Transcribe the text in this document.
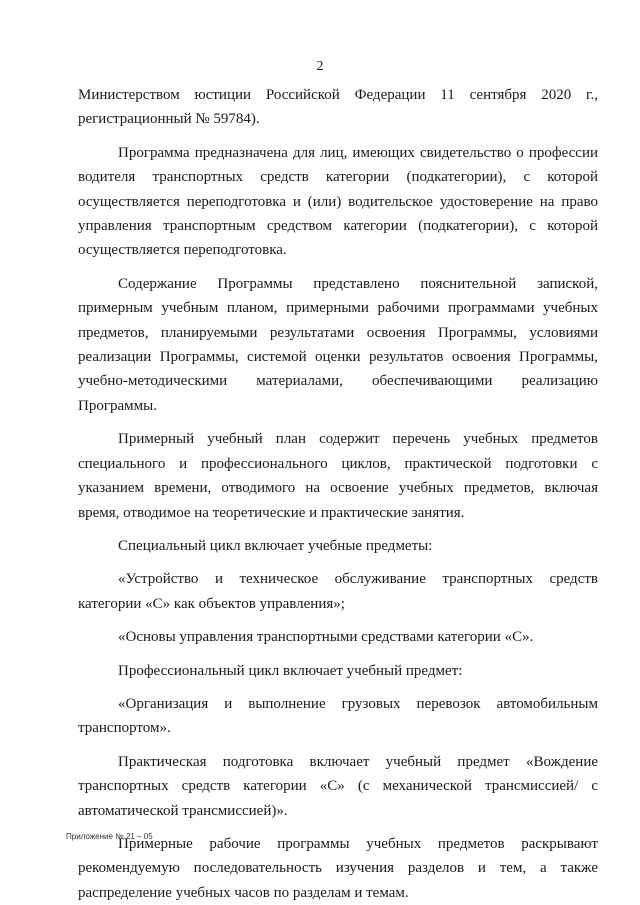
2

Министерством юстиции Российской Федерации 11 сентября 2020 г., регистрационный № 59784).

Программа предназначена для лиц, имеющих свидетельство о профессии водителя транспортных средств категории (подкатегории), с которой осуществляется переподготовка и (или) водительское удостоверение на право управления транспортным средством категории (подкатегории), с которой осуществляется переподготовка.

Содержание Программы представлено пояснительной запиской, примерным учебным планом, примерными рабочими программами учебных предметов, планируемыми результатами освоения Программы, условиями реализации Программы, системой оценки результатов освоения Программы, учебно-методическими материалами, обеспечивающими реализацию Программы.

Примерный учебный план содержит перечень учебных предметов специального и профессионального циклов, практической подготовки с указанием времени, отводимого на освоение учебных предметов, включая время, отводимое на теоретические и практические занятия.

Специальный цикл включает учебные предметы:

«Устройство и техническое обслуживание транспортных средств категории «С» как объектов управления»;

«Основы управления транспортными средствами категории «С».

Профессиональный цикл включает учебный предмет:

«Организация и выполнение грузовых перевозок автомобильным транспортом».

Практическая подготовка включает учебный предмет «Вождение транспортных средств категории «С» (с механической трансмиссией/ с автоматической трансмиссией)».

Примерные рабочие программы учебных предметов раскрывают рекомендуемую последовательность изучения разделов и тем, а также распределение учебных часов по разделам и темам.

Приложение № 21 – 05
